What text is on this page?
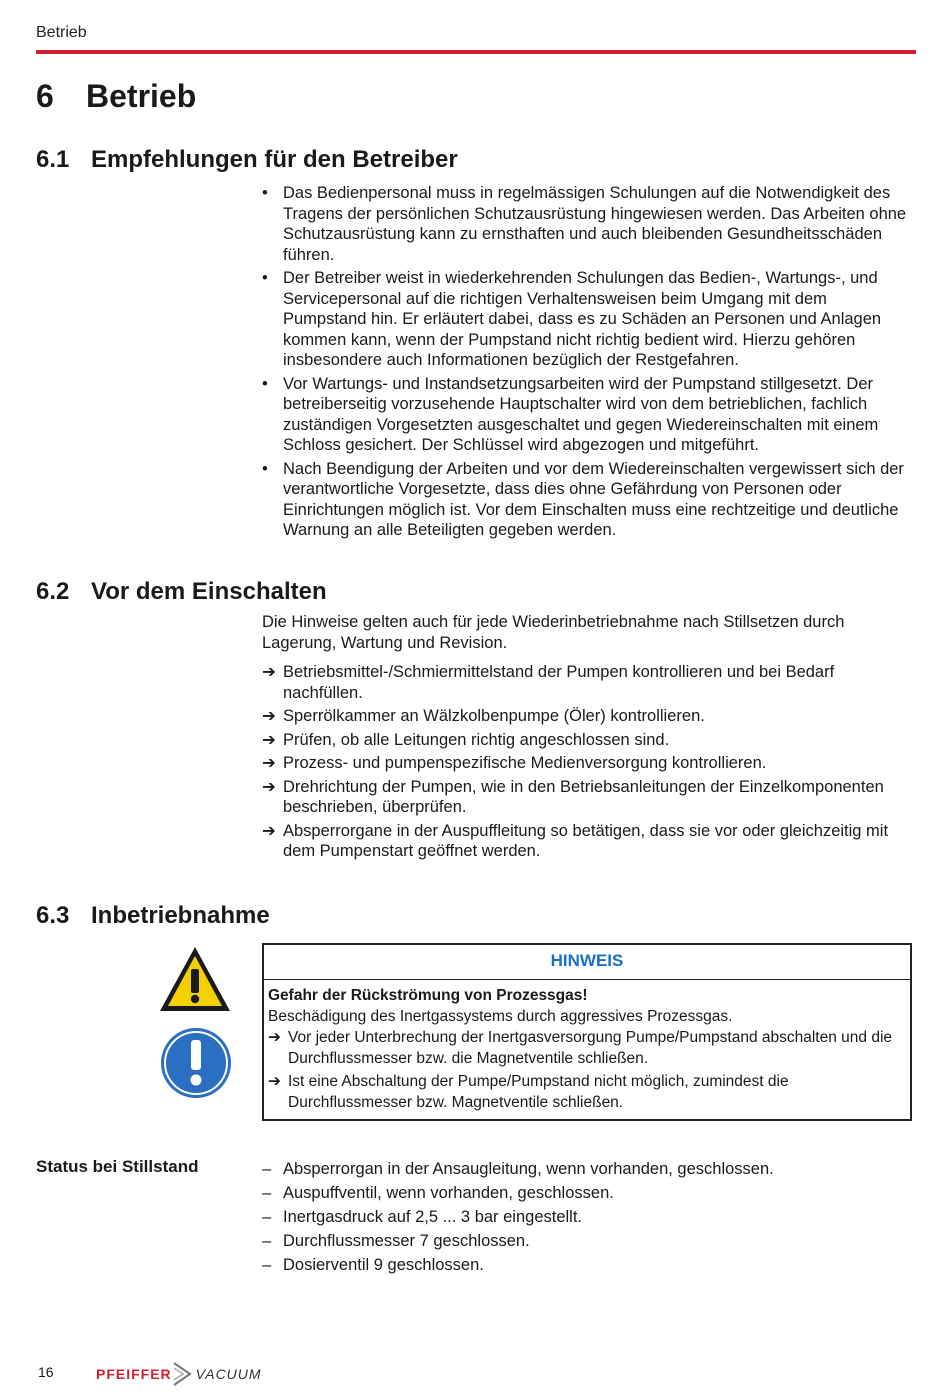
Betrieb
6 Betrieb
6.1 Empfehlungen für den Betreiber
• Das Bedienpersonal muss in regelmässigen Schulungen auf die Notwendigkeit des Tragens der persönlichen Schutzausrüstung hingewiesen werden. Das Arbeiten ohne Schutzausrüstung kann zu ernsthaften und auch bleibenden Gesundheitsschäden führen.
• Der Betreiber weist in wiederkehrenden Schulungen das Bedien-, Wartungs-, und Servicepersonal auf die richtigen Verhaltensweisen beim Umgang mit dem Pumpstand hin. Er erläutert dabei, dass es zu Schäden an Personen und Anlagen kommen kann, wenn der Pumpstand nicht richtig bedient wird. Hierzu gehören insbesondere auch Informationen bezüglich der Restgefahren.
• Vor Wartungs- und Instandsetzungsarbeiten wird der Pumpstand stillgesetzt. Der betreiberseitig vorzusehende Hauptschalter wird von dem betrieblichen, fachlich zuständigen Vorgesetzten ausgeschaltet und gegen Wiedereinschalten mit einem Schloss gesichert. Der Schlüssel wird abgezogen und mitgeführt.
• Nach Beendigung der Arbeiten und vor dem Wiedereinschalten vergewissert sich der verantwortliche Vorgesetzte, dass dies ohne Gefährdung von Personen oder Einrichtungen möglich ist. Vor dem Einschalten muss eine rechtzeitige und deutliche Warnung an alle Beteiligten gegeben werden.
6.2 Vor dem Einschalten

Die Hinweise gelten auch für jede Wiederinbetriebnahme nach Stillsetzen durch Lagerung, Wartung und Revision.

➔ Betriebsmittel-/Schmiermittelstand der Pumpen kontrollieren und bei Bedarf nachfüllen.
➔ Sperrölkammer an Wälzkolbenpumpe (Öler) kontrollieren.
➔ Prüfen, ob alle Leitungen richtig angeschlossen sind.
➔ Prozess- und pumpenspezifische Medienversorgung kontrollieren.
➔ Drehrichtung der Pumpen, wie in den Betriebsanleitungen der Einzelkomponenten beschrieben, überprüfen.
➔ Absperrorgane in der Auspuffleitung so betätigen, dass sie vor oder gleichzeitig mit dem Pumpenstart geöffnet werden.
6.3 Inbetriebnahme
HINWEIS

Gefahr der Rückströmung von Prozessgas!

Beschädigung des Inertgassystems durch aggressives Prozessgas.

➔ Vor jeder Unterbrechung der Inertgasversorgung Pumpe/Pumpstand abschalten und die Durchflussmesser bzw. die Magnetventile schließen.
➔ Ist eine Abschaltung der Pumpe/Pumpstand nicht möglich, zumindest die Durchflussmesser bzw. Magnetventile schließen.
Status bei Stillstand	– Absperrorgan in der Ansaugleitung, wenn vorhanden, geschlossen.
– Auspuffventil, wenn vorhanden, geschlossen.
– Inertgasdruck auf 2,5 ... 3 bar eingestellt.
– Durchflussmesser 7 geschlossen.
– Dosierventil 9 geschlossen.
16	PFEIFFER VACUUM
